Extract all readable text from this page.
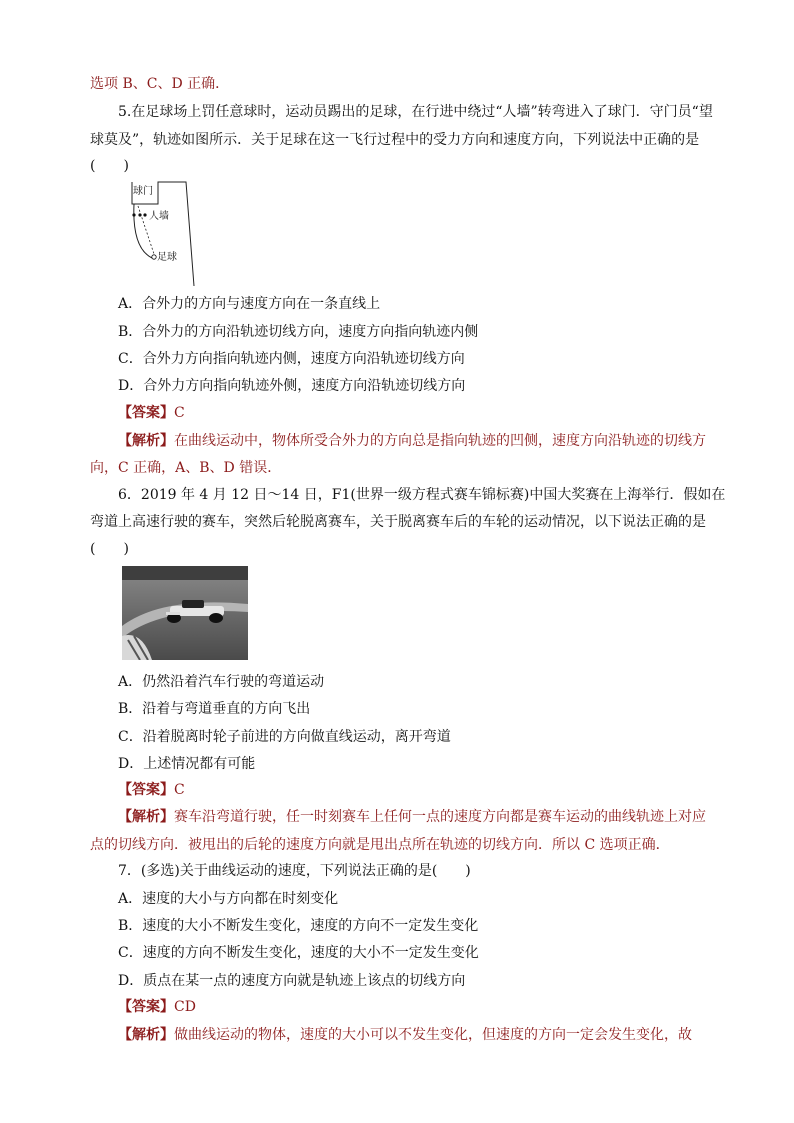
选项 B、C、D 正确．
5.在足球场上罚任意球时，运动员踢出的足球，在行进中绕过“人墙”转弯进入了球门．守门员“望
球莫及”，轨迹如图所示．关于足球在这一飞行过程中的受力方向和速度方向，下列说法中正确的是
(　　)
球门
人墙
足球
A．合外力的方向与速度方向在一条直线上
B．合外力的方向沿轨迹切线方向，速度方向指向轨迹内侧
C．合外力方向指向轨迹内侧，速度方向沿轨迹切线方向
D．合外力方向指向轨迹外侧，速度方向沿轨迹切线方向
【答案】C
【解析】在曲线运动中，物体所受合外力的方向总是指向轨迹的凹侧，速度方向沿轨迹的切线方
向，C 正确，A、B、D 错误．
6．2019 年 4 月 12 日～14 日，F1(世界一级方程式赛车锦标赛)中国大奖赛在上海举行．假如在
弯道上高速行驶的赛车，突然后轮脱离赛车，关于脱离赛车后的车轮的运动情况，以下说法正确的是
(　　)
A．仍然沿着汽车行驶的弯道运动
B．沿着与弯道垂直的方向飞出
C．沿着脱离时轮子前进的方向做直线运动，离开弯道
D．上述情况都有可能
【答案】C
【解析】赛车沿弯道行驶，任一时刻赛车上任何一点的速度方向都是赛车运动的曲线轨迹上对应
点的切线方向．被甩出的后轮的速度方向就是甩出点所在轨迹的切线方向．所以 C 选项正确．
7．(多选)关于曲线运动的速度，下列说法正确的是(　　)
A．速度的大小与方向都在时刻变化
B．速度的大小不断发生变化，速度的方向不一定发生变化
C．速度的方向不断发生变化，速度的大小不一定发生变化
D．质点在某一点的速度方向就是轨迹上该点的切线方向
【答案】CD
【解析】做曲线运动的物体，速度的大小可以不发生变化，但速度的方向一定会发生变化，故
